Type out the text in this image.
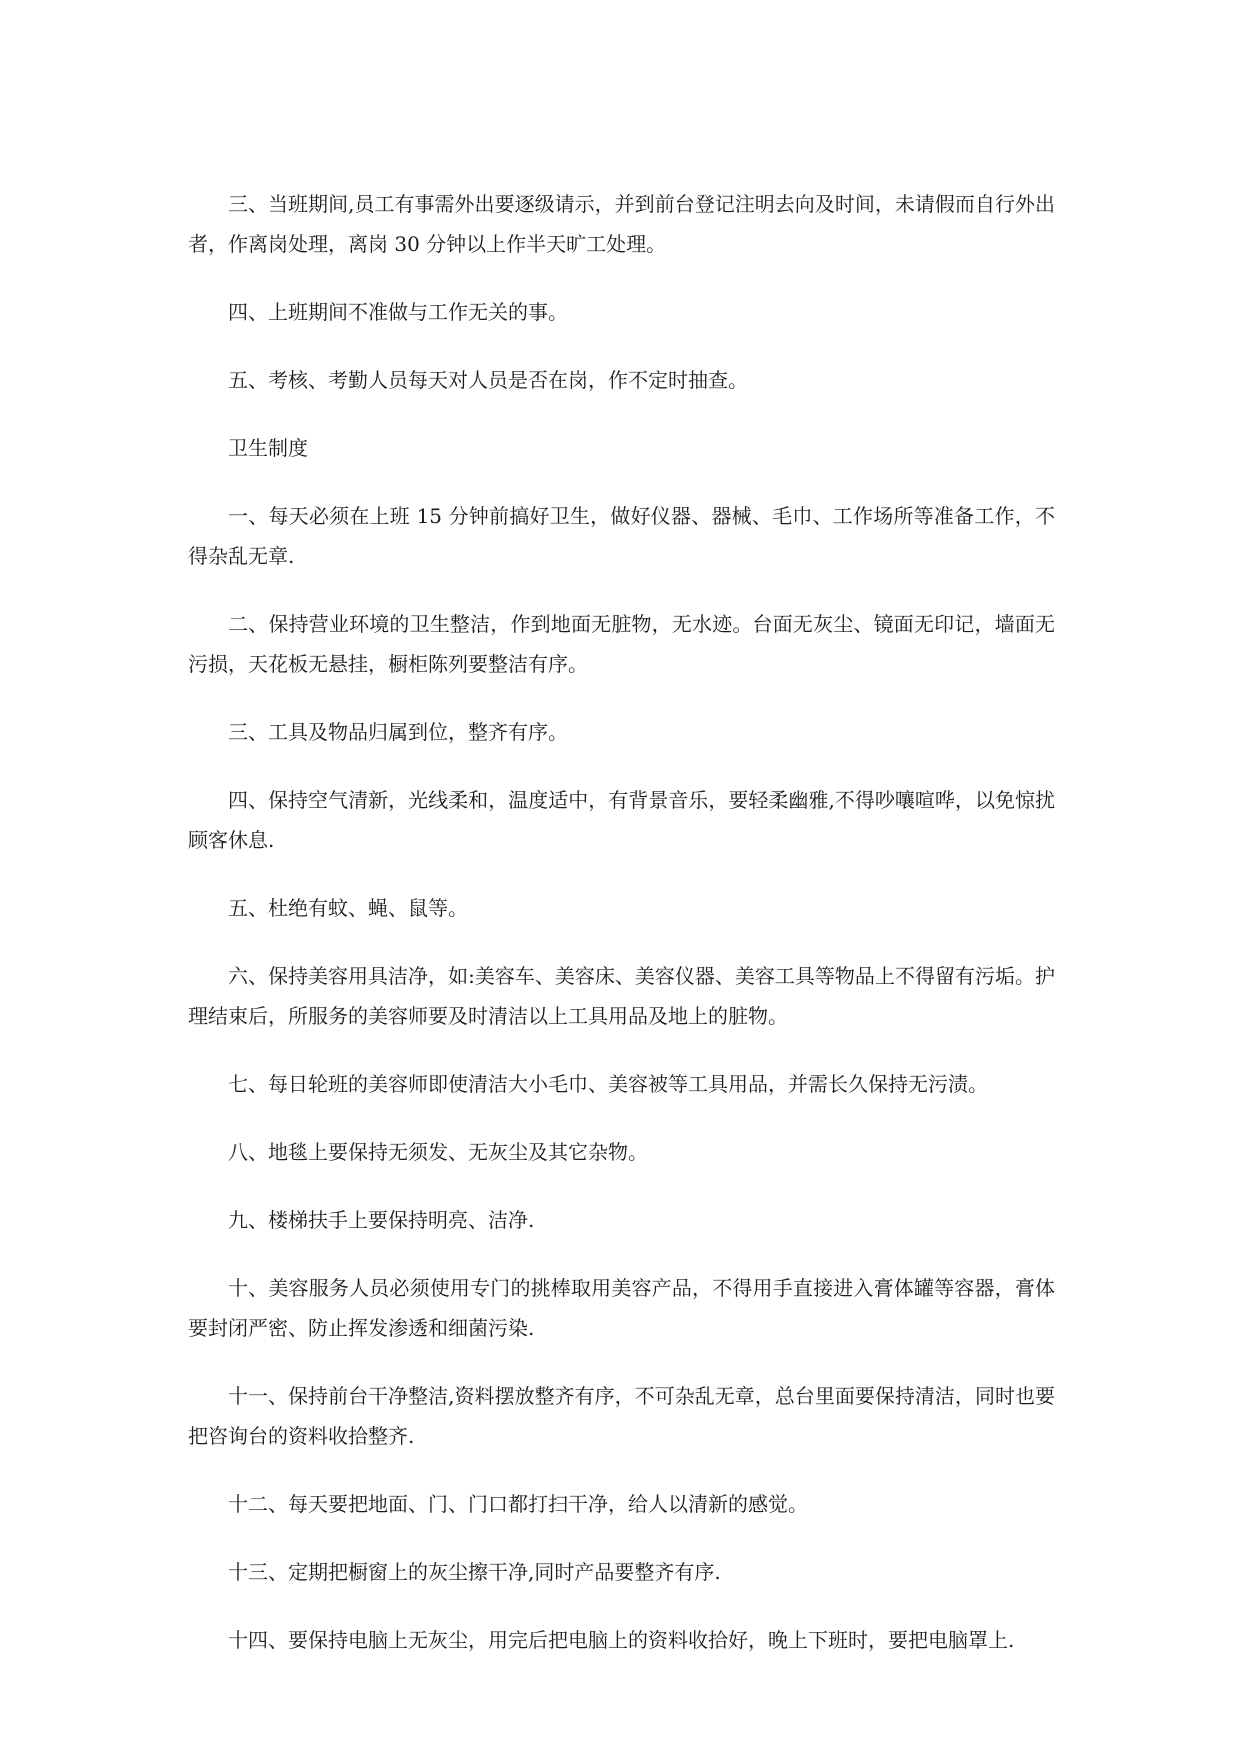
三、当班期间,员工有事需外出要逐级请示，并到前台登记注明去向及时间，未请假而自行外出者，作离岗处理，离岗 30 分钟以上作半天旷工处理。

四、上班期间不准做与工作无关的事。

五、考核、考勤人员每天对人员是否在岗，作不定时抽查。

卫生制度

一、每天必须在上班 15 分钟前搞好卫生，做好仪器、器械、毛巾、工作场所等准备工作，不得杂乱无章.

二、保持营业环境的卫生整洁，作到地面无脏物，无水迹。台面无灰尘、镜面无印记，墙面无污损，天花板无悬挂，橱柜陈列要整洁有序。

三、工具及物品归属到位，整齐有序。

四、保持空气清新，光线柔和，温度适中，有背景音乐，要轻柔幽雅,不得吵嚷喧哗，以免惊扰顾客休息.

五、杜绝有蚊、蝇、鼠等。

六、保持美容用具洁净，如:美容车、美容床、美容仪器、美容工具等物品上不得留有污垢。护理结束后，所服务的美容师要及时清洁以上工具用品及地上的脏物。

七、每日轮班的美容师即使清洁大小毛巾、美容被等工具用品，并需长久保持无污渍。

八、地毯上要保持无须发、无灰尘及其它杂物。

九、楼梯扶手上要保持明亮、洁净.

十、美容服务人员必须使用专门的挑棒取用美容产品，不得用手直接进入膏体罐等容器，膏体要封闭严密、防止挥发渗透和细菌污染.

十一、保持前台干净整洁,资料摆放整齐有序，不可杂乱无章，总台里面要保持清洁，同时也要把咨询台的资料收拾整齐.

十二、每天要把地面、门、门口都打扫干净，给人以清新的感觉。

十三、定期把橱窗上的灰尘擦干净,同时产品要整齐有序.

十四、要保持电脑上无灰尘，用完后把电脑上的资料收拾好，晚上下班时，要把电脑罩上.
